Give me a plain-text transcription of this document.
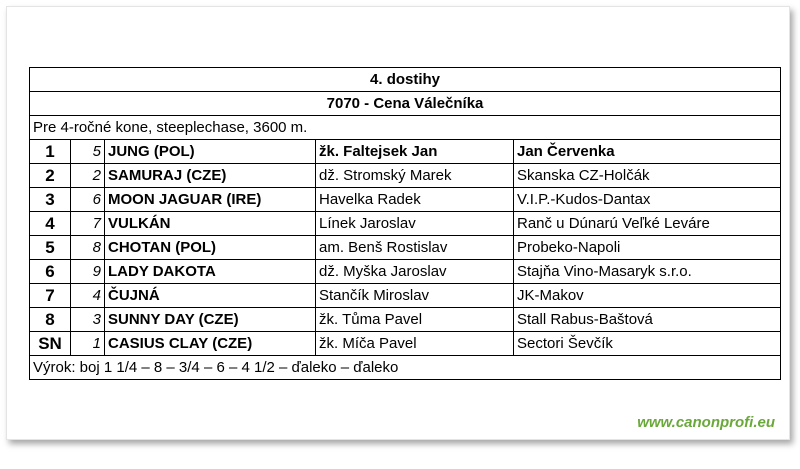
4. dostihy				
7070 - Cena Válečníka				
Pre 4-ročné kone, steeplechase, 3600 m.				
1	5	JUNG (POL)	žk. Faltejsek Jan	Jan Červenka
2	2	SAMURAJ (CZE)	dž. Stromský Marek	Skanska CZ-Holčák
3	6	MOON JAGUAR (IRE)	Havelka Radek	V.I.P.-Kudos-Dantax
4	7	VULKÁN	Línek Jaroslav	Ranč u Dúnarú Veľké Leváre
5	8	CHOTAN (POL)	am. Benš Rostislav	Probeko-Napoli
6	9	LADY DAKOTA	dž. Myška Jaroslav	Stajňa Vino-Masaryk s.r.o.
7	4	ČUJNÁ	Stančík Miroslav	JK-Makov
8	3	SUNNY DAY (CZE)	žk. Tůma Pavel	Stall Rabus-Baštová
SN	1	CASIUS CLAY (CZE)	žk. Míča Pavel	Sectori Ševčík
Výrok: boj 1 1/4 – 8 – 3/4 – 6 – 4 1/2 – ďaleko – ďaleko				
www.canonprofi.eu
